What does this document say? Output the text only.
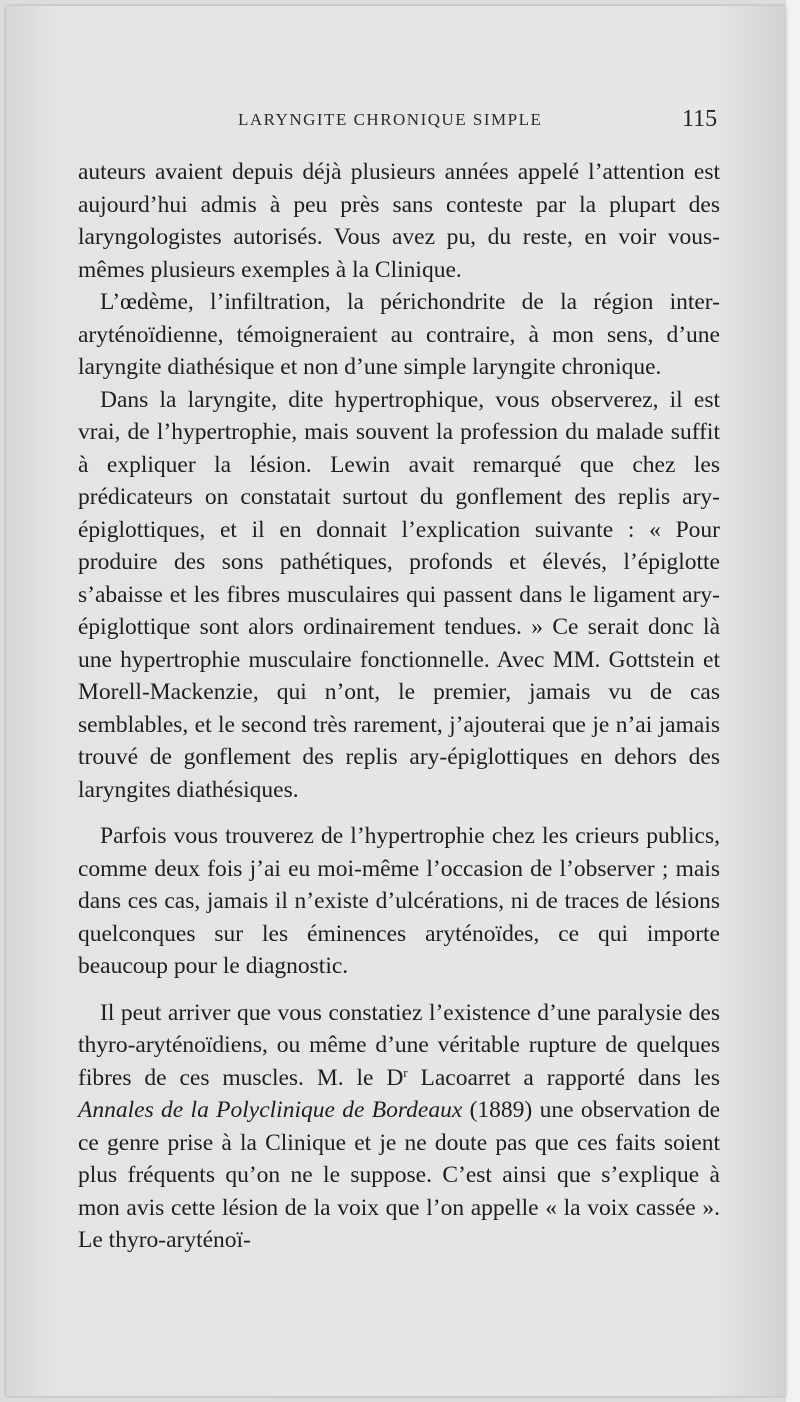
LARYNGITE CHRONIQUE SIMPLE	115

auteurs avaient depuis déjà plusieurs années appelé l’attention est aujourd’hui admis à peu près sans conteste par la plupart des laryngologistes autorisés. Vous avez pu, du reste, en voir vous-mêmes plusieurs exemples à la Clinique.

L’œdème, l’infiltration, la périchondrite de la région inter-aryténoïdienne, témoigneraient au contraire, à mon sens, d’une laryngite diathésique et non d’une simple laryngite chronique.

Dans la laryngite, dite hypertrophique, vous observerez, il est vrai, de l’hypertrophie, mais souvent la profession du malade suffit à expliquer la lésion. Lewin avait remarqué que chez les prédicateurs on constatait surtout du gonflement des replis ary-épiglottiques, et il en donnait l’explication suivante : « Pour produire des sons pathétiques, profonds et élevés, l’épiglotte s’abaisse et les fibres musculaires qui passent dans le ligament ary-épiglottique sont alors ordinairement tendues. » Ce serait donc là une hypertrophie musculaire fonctionnelle. Avec MM. Gottstein et Morell-Mackenzie, qui n’ont, le premier, jamais vu de cas semblables, et le second très rarement, j’ajouterai que je n’ai jamais trouvé de gonflement des replis ary-épiglottiques en dehors des laryngites diathésiques.

Parfois vous trouverez de l’hypertrophie chez les crieurs publics, comme deux fois j’ai eu moi-même l’occasion de l’observer ; mais dans ces cas, jamais il n’existe d’ulcérations, ni de traces de lésions quelconques sur les éminences aryténoïdes, ce qui importe beaucoup pour le diagnostic.

Il peut arriver que vous constatiez l’existence d’une paralysie des thyro-aryténoïdiens, ou même d’une véritable rupture de quelques fibres de ces muscles. M. le $D^r$ Lacoarret a rapporté dans les Annales de la Polyclinique de Bordeaux (1889) une observation de ce genre prise à la Clinique et je ne doute pas que ces faits soient plus fréquents qu’on ne le suppose. C’est ainsi que s’explique à mon avis cette lésion de la voix que l’on appelle « la voix cassée ». Le thyro-aryténoï-
